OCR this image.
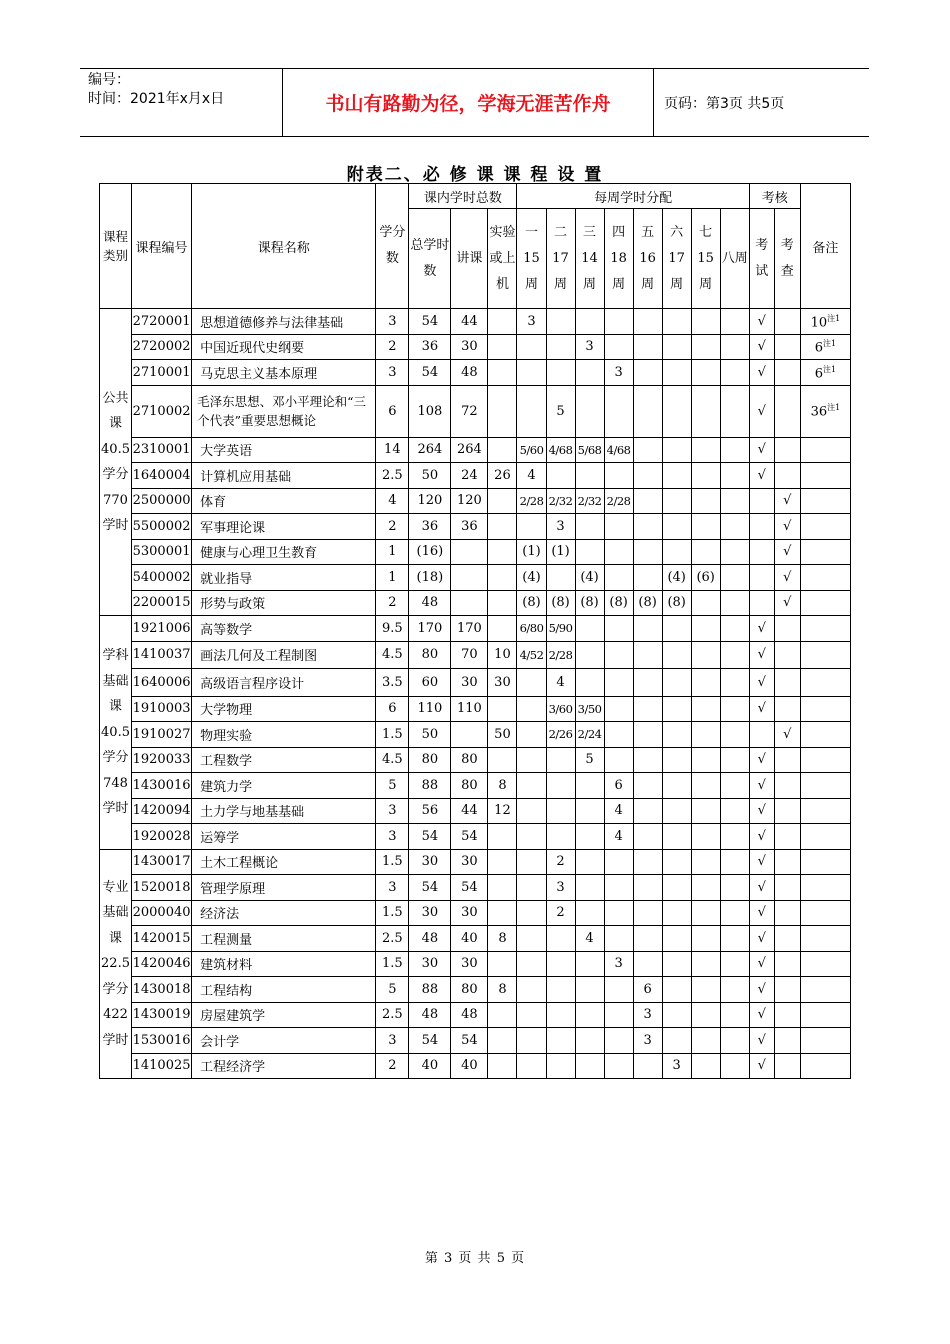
编号：
时间：2021年x月x日	书山有路勤为径，学海无涯苦作舟	页码：第3页 共5页
附表二、必 修 课 课 程 设 置
课程类别	课程编号	课程名称	学分数	课内学时总数			每周学时分配								考核		备注
				总学时数	讲课	实验或上机	一15周	二17周	三14周	四18周	五16周	六17周	七15周	八周	考试	考查	
公共课40.5学分770学时	2720001	思想道德修养与法律基础	3	54	44		3								√		10$^{注1}$
	2720002	中国近现代史纲要	2	36	30				3						√		6$^{注1}$
	2710001	马克思主义基本原理	3	54	48					3					√		6$^{注1}$
	2710002	毛泽东思想、邓小平理论和“三个代表”重要思想概论	6	108	72			5							√		36$^{注1}$
	2310001	大学英语	14	264	264		5/60	4/68	5/68	4/68					√		
	1640004	计算机应用基础	2.5	50	24	26	4								√		
	2500000	体育	4	120	120		2/28	2/32	2/32	2/28						√	
	5500002	军事理论课	2	36	36			3								√	
	5300001	健康与心理卫生教育	1	(16)			(1)	(1)								√	
	5400002	就业指导	1	(18)			(4)		(4)			(4)	(6)			√	
	2200015	形势与政策	2	48			(8)	(8)	(8)	(8)	(8)	(8)				√	
学科基础课40.5学分748学时	1921006	高等数学	9.5	170	170		6/80	5/90							√		
	1410037	画法几何及工程制图	4.5	80	70	10	4/52	2/28							√		
	1640006	高级语言程序设计	3.5	60	30	30		4							√		
	1910003	大学物理	6	110	110			3/60	3/50						√		
	1910027	物理实验	1.5	50		50		2/26	2/24							√	
	1920033	工程数学	4.5	80	80				5						√		
	1430016	建筑力学	5	88	80	8				6					√		
	1420094	土力学与地基基础	3	56	44	12				4					√		
	1920028	运筹学	3	54	54					4					√		
专业基础课22.5学分422学时	1430017	土木工程概论	1.5	30	30			2							√		
	1520018	管理学原理	3	54	54			3							√		
	2000040	经济法	1.5	30	30			2							√		
	1420015	工程测量	2.5	48	40	8			4						√		
	1420046	建筑材料	1.5	30	30					3					√		
	1430018	工程结构	5	88	80	8					6				√		
	1430019	房屋建筑学	2.5	48	48						3				√		
	1530016	会计学	3	54	54						3				√		
	1410025	工程经济学	2	40	40							3			√		
第 3 页 共 5 页
